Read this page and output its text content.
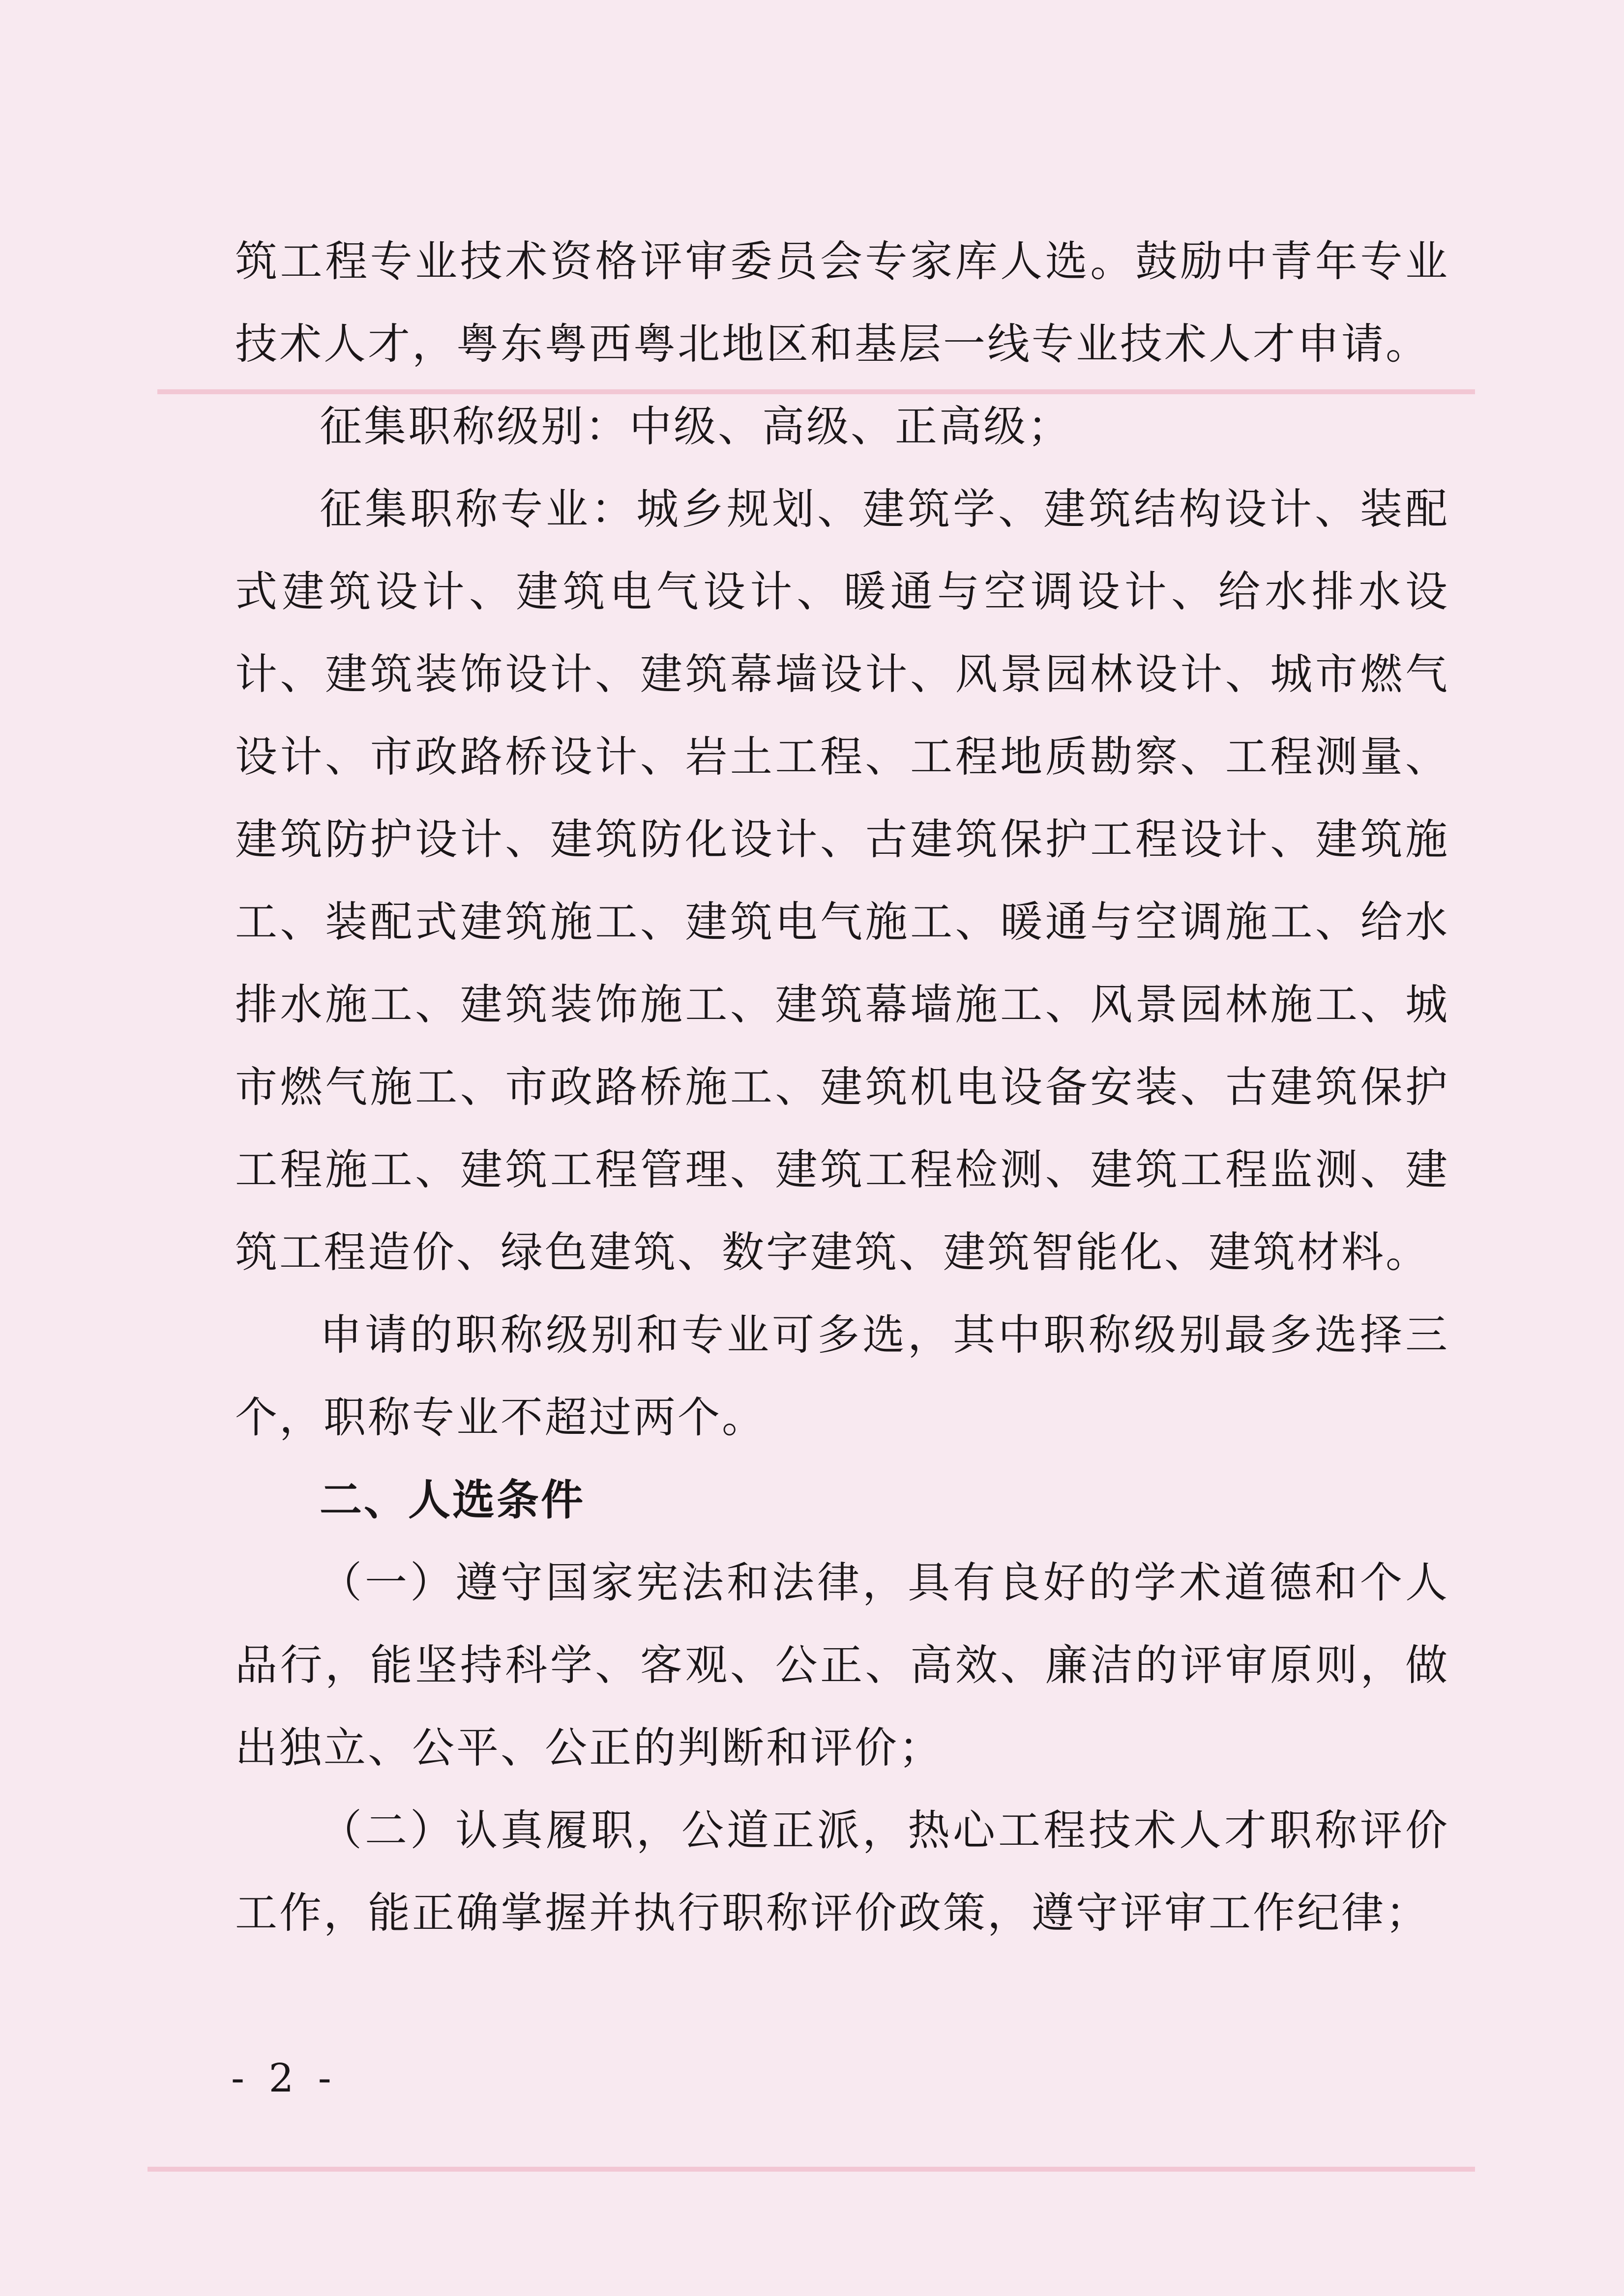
筑工程专业技术资格评审委员会专家库人选。鼓励中青年专业技术人才，粤东粤西粤北地区和基层一线专业技术人才申请。

征集职称级别：中级、高级、正高级；

征集职称专业：城乡规划、建筑学、建筑结构设计、装配式建筑设计、建筑电气设计、暖通与空调设计、给水排水设计、建筑装饰设计、建筑幕墙设计、风景园林设计、城市燃气设计、市政路桥设计、岩土工程、工程地质勘察、工程测量、建筑防护设计、建筑防化设计、古建筑保护工程设计、建筑施工、装配式建筑施工、建筑电气施工、暖通与空调施工、给水排水施工、建筑装饰施工、建筑幕墙施工、风景园林施工、城市燃气施工、市政路桥施工、建筑机电设备安装、古建筑保护工程施工、建筑工程管理、建筑工程检测、建筑工程监测、建筑工程造价、绿色建筑、数字建筑、建筑智能化、建筑材料。

申请的职称级别和专业可多选，其中职称级别最多选择三个，职称专业不超过两个。

二、人选条件

（一）遵守国家宪法和法律，具有良好的学术道德和个人品行，能坚持科学、客观、公正、高效、廉洁的评审原则，做出独立、公平、公正的判断和评价；

（二）认真履职，公道正派，热心工程技术人才职称评价工作，能正确掌握并执行职称评价政策，遵守评审工作纪律；

- 2 -
